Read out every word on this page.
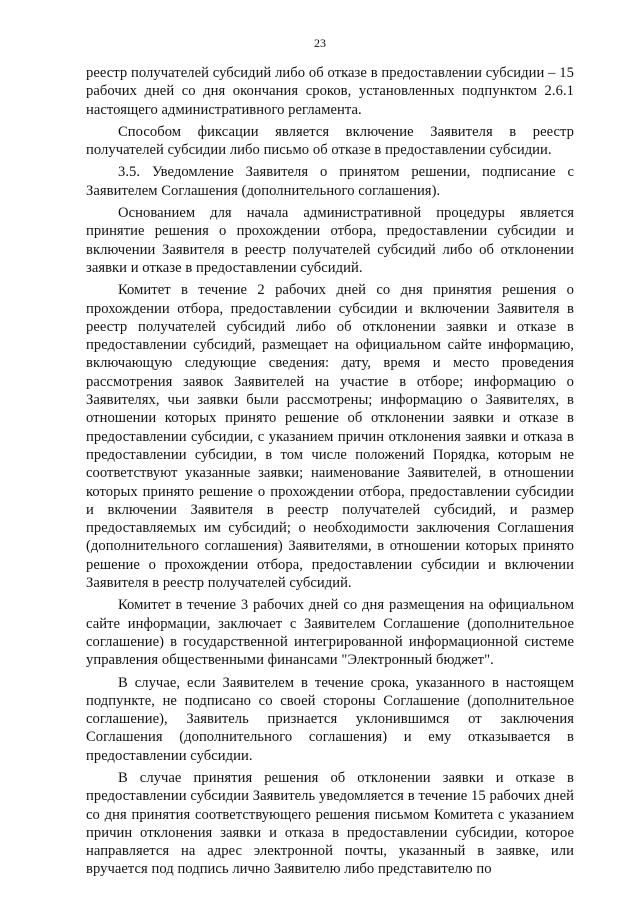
23

реестр получателей субсидий либо об отказе в предоставлении субсидии – 15 рабочих дней со дня окончания сроков, установленных подпунктом 2.6.1 настоящего административного регламента.

Способом фиксации является включение Заявителя в реестр получателей субсидии либо письмо об отказе в предоставлении субсидии.

3.5. Уведомление Заявителя о принятом решении, подписание с Заявителем Соглашения (дополнительного соглашения).

Основанием для начала административной процедуры является принятие решения о прохождении отбора, предоставлении субсидии и включении Заявителя в реестр получателей субсидий либо об отклонении заявки и отказе в предоставлении субсидий.

Комитет в течение 2 рабочих дней со дня принятия решения о прохождении отбора, предоставлении субсидии и включении Заявителя в реестр получателей субсидий либо об отклонении заявки и отказе в предоставлении субсидий, размещает на официальном сайте информацию, включающую следующие сведения: дату, время и место проведения рассмотрения заявок Заявителей на участие в отборе; информацию о Заявителях, чьи заявки были рассмотрены; информацию о Заявителях, в отношении которых принято решение об отклонении заявки и отказе в предоставлении субсидии, с указанием причин отклонения заявки и отказа в предоставлении субсидии, в том числе положений Порядка, которым не соответствуют указанные заявки; наименование Заявителей, в отношении которых принято решение о прохождении отбора, предоставлении субсидии и включении Заявителя в реестр получателей субсидий, и размер предоставляемых им субсидий; о необходимости заключения Соглашения (дополнительного соглашения) Заявителями, в отношении которых принято решение о прохождении отбора, предоставлении субсидии и включении Заявителя в реестр получателей субсидий.

Комитет в течение 3 рабочих дней со дня размещения на официальном сайте информации, заключает с Заявителем Соглашение (дополнительное соглашение) в государственной интегрированной информационной системе управления общественными финансами "Электронный бюджет".

В случае, если Заявителем в течение срока, указанного в настоящем подпункте, не подписано со своей стороны Соглашение (дополнительное соглашение), Заявитель признается уклонившимся от заключения Соглашения (дополнительного соглашения) и ему отказывается в предоставлении субсидии.

В случае принятия решения об отклонении заявки и отказе в предоставлении субсидии Заявитель уведомляется в течение 15 рабочих дней со дня принятия соответствующего решения письмом Комитета с указанием причин отклонения заявки и отказа в предоставлении субсидии, которое направляется на адрес электронной почты, указанный в заявке, или вручается под подпись лично Заявителю либо представителю по
